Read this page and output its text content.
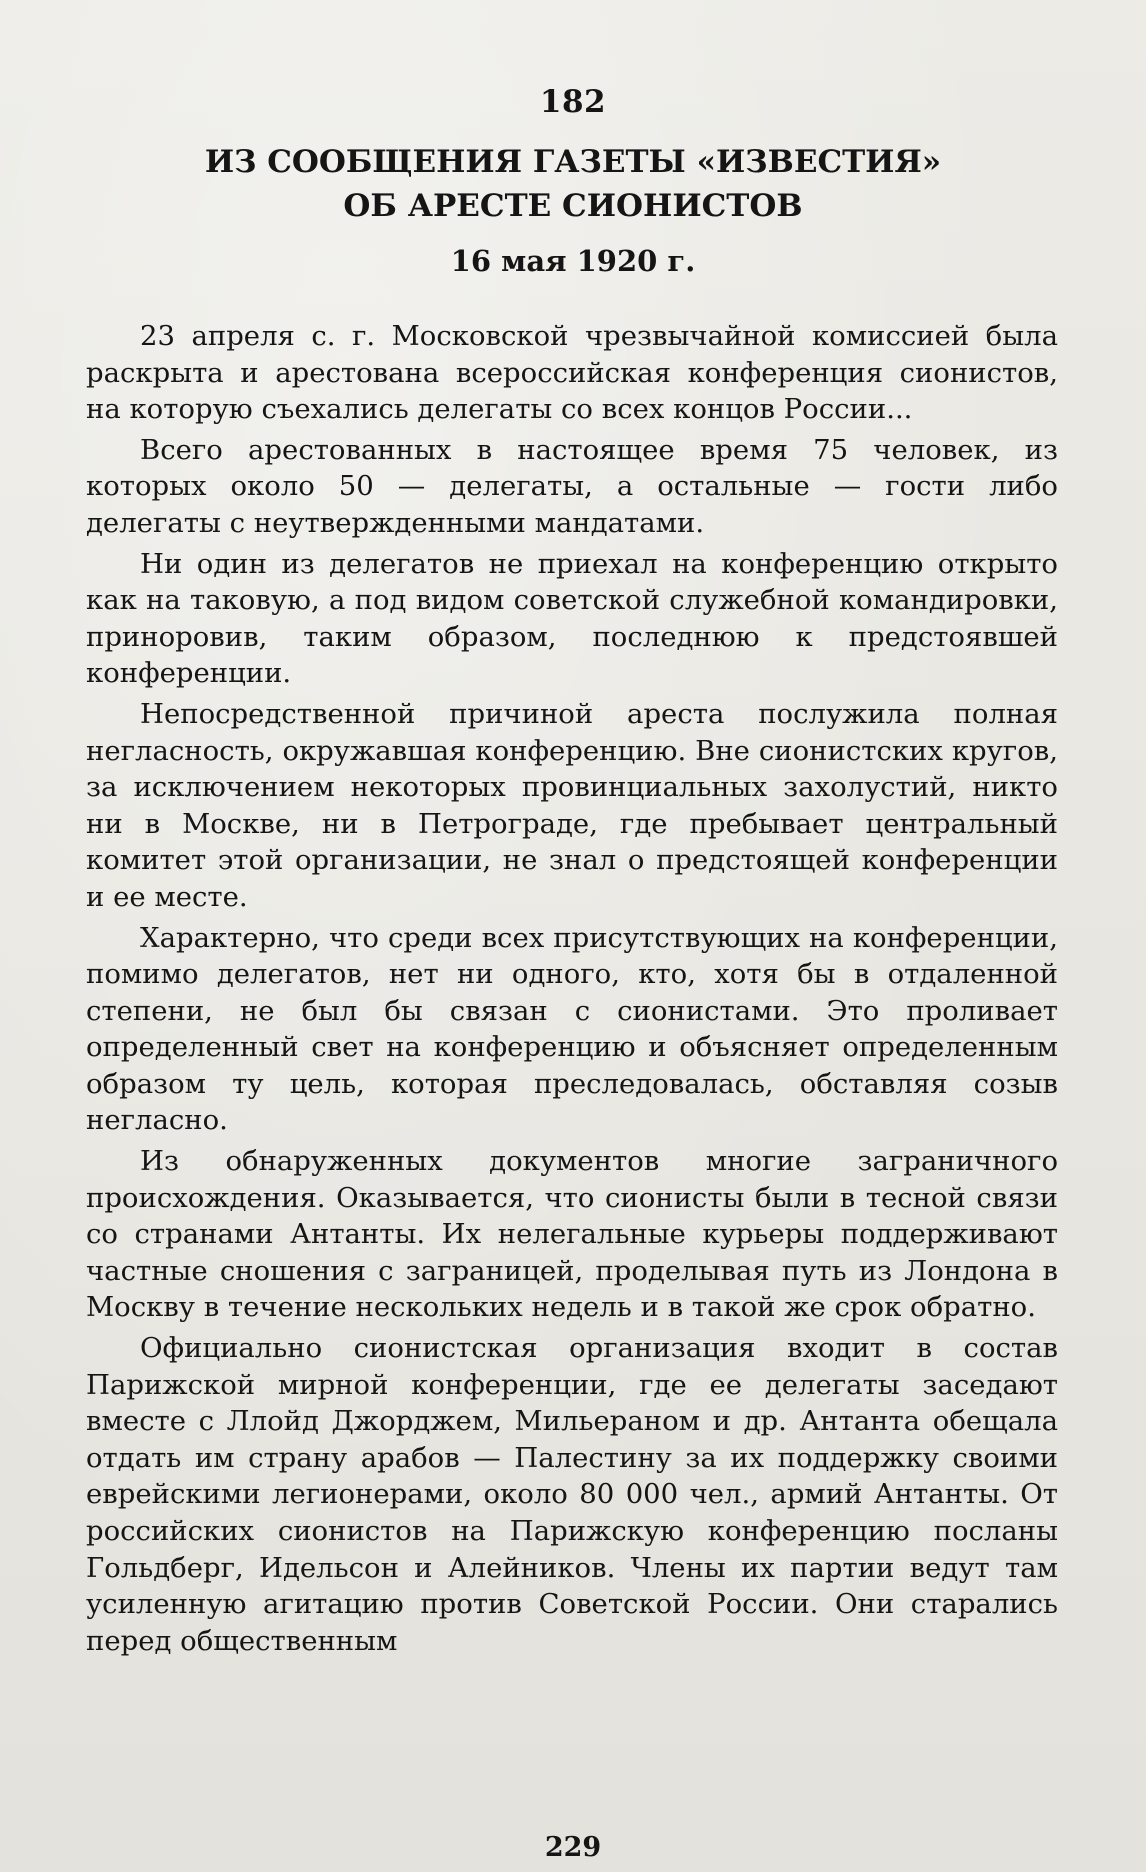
182
ИЗ СООБЩЕНИЯ ГАЗЕТЫ «ИЗВЕСТИЯ»
ОБ АРЕСТЕ СИОНИСТОВ
16 мая 1920 г.

23 апреля с. г. Московской чрезвычайной комиссией была раскрыта и арестована всероссийская конференция сионистов, на которую съехались делегаты со всех концов России...

Всего арестованных в настоящее время 75 человек, из которых около 50 — делегаты, а остальные — гости либо делегаты с неутвержденными мандатами.

Ни один из делегатов не приехал на конференцию открыто как на таковую, а под видом советской служебной командировки, приноровив, таким образом, последнюю к предстоявшей конференции.

Непосредственной причиной ареста послужила полная негласность, окружавшая конференцию. Вне сионистских кругов, за исключением некоторых провинциальных захолустий, никто ни в Москве, ни в Петрограде, где пребывает центральный комитет этой организации, не знал о предстоящей конференции и ее месте.

Характерно, что среди всех присутствующих на конференции, помимо делегатов, нет ни одного, кто, хотя бы в отдаленной степени, не был бы связан с сионистами. Это проливает определенный свет на конференцию и объясняет определенным образом ту цель, которая преследовалась, обставляя созыв негласно.

Из обнаруженных документов многие заграничного происхождения. Оказывается, что сионисты были в тесной связи со странами Антанты. Их нелегальные курьеры поддерживают частные сношения с заграницей, проделывая путь из Лондона в Москву в течение нескольких недель и в такой же срок обратно.

Официально сионистская организация входит в состав Парижской мирной конференции, где ее делегаты заседают вместе с Ллойд Джорджем, Мильераном и др. Антанта обещала отдать им страну арабов — Палестину за их поддержку своими еврейскими легионерами, около 80 000 чел., армий Антанты. От российских сионистов на Парижскую конференцию посланы Гольдберг, Идельсон и Алейников. Члены их партии ведут там усиленную агитацию против Советской России. Они старались перед общественным

229
